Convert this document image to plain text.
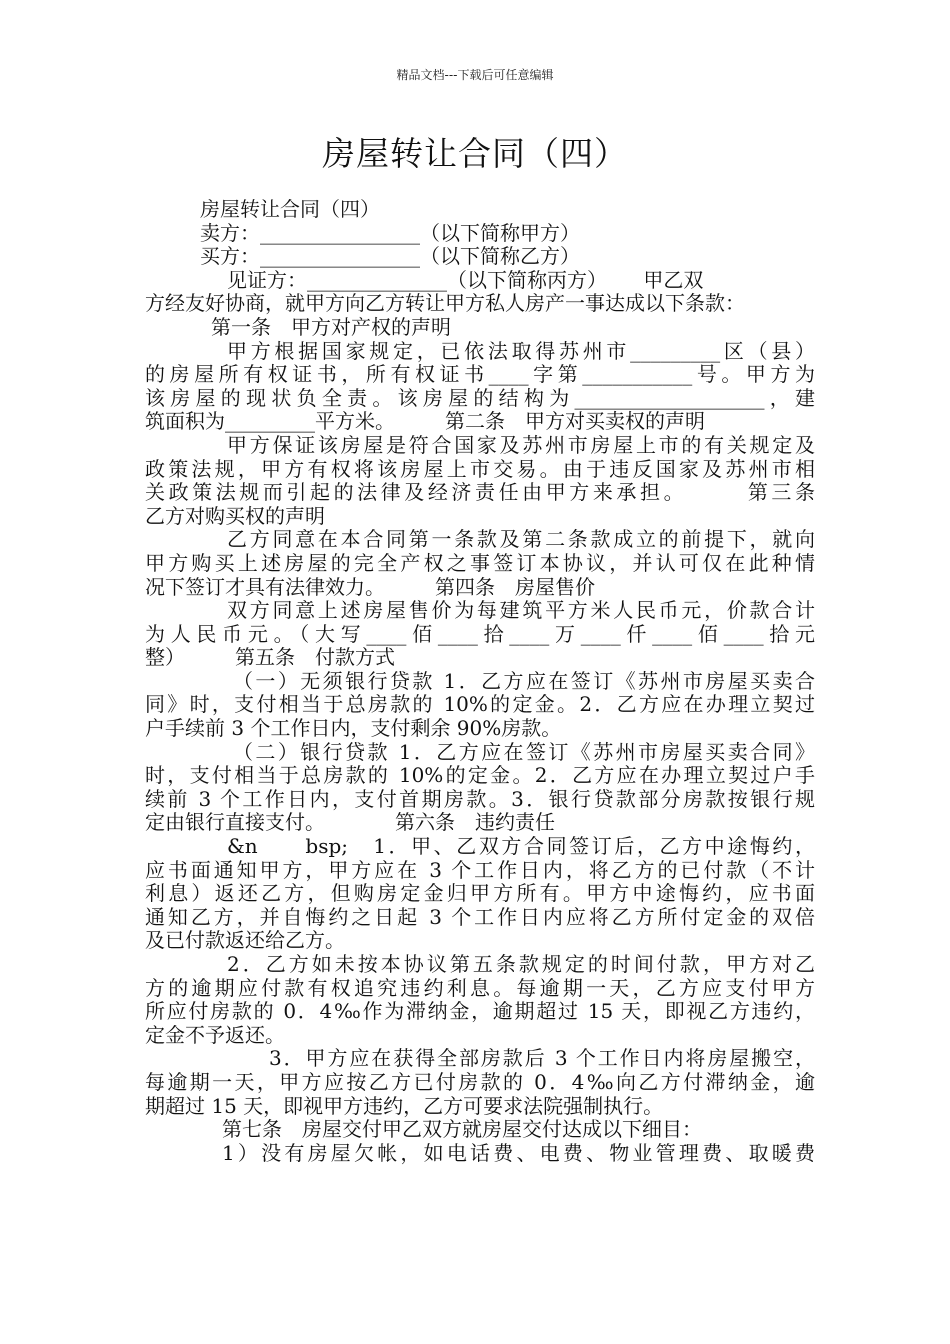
精品文档---下载后可任意编辑
房屋转让合同（四）
房屋转让合同（四）
卖方：________________（以下简称甲方）
买方：________________（以下简称乙方）
见证方：______________（以下简称丙方）　　 甲乙双
方经友好协商，就甲方向乙方转让甲方私人房产一事达成以下条款：
第一条　甲方对产权的声明
甲方根据国家规定，已依法取得苏州市_________区（县）
的房屋所有权证书，所有权证书____字第___________号。甲方为
该房屋的现状负全责。该房屋的结构为___________________，建
筑面积为_________平方米。　　　第二条　甲方对买卖权的声明
甲方保证该房屋是符合国家及苏州市房屋上市的有关规定及
政策法规，甲方有权将该房屋上市交易。由于违反国家及苏州市相
关政策法规而引起的法律及经济责任由甲方来承担。　　　第三条
乙方对购买权的声明
乙方同意在本合同第一条款及第二条款成立的前提下，就向
甲方购买上述房屋的完全产权之事签订本协议，并认可仅在此种情
况下签订才具有法律效力。　　　第四条　房屋售价
双方同意上述房屋售价为每建筑平方米人民币元，价款合计
为人民币元。（大写____佰____拾____万____仟____佰____拾元
整）　　　第五条　付款方式
（一）无须银行贷款 1．乙方应在签订《苏州市房屋买卖合
同》时，支付相当于总房款的 10%的定金。2．乙方应在办理立契过
户手续前 3 个工作日内，支付剩余 90%房款。
（二）银行贷款 1．乙方应在签订《苏州市房屋买卖合同》
时，支付相当于总房款的 10%的定金。2．乙方应在办理立契过户手
续前 3 个工作日内，支付首期房款。3．银行贷款部分房款按银行规
定由银行直接支付。　　　　第六条　违约责任
&n　　bsp;　1．甲、乙双方合同签订后，乙方中途悔约，
应书面通知甲方，甲方应在 3 个工作日内，将乙方的已付款（不计
利息）返还乙方，但购房定金归甲方所有。甲方中途悔约，应书面
通知乙方，并自悔约之日起 3 个工作日内应将乙方所付定金的双倍
及已付款返还给乙方。
2．乙方如未按本协议第五条款规定的时间付款，甲方对乙
方的逾期应付款有权追究违约利息。每逾期一天，乙方应支付甲方
所应付房款的 0．4‰作为滞纳金，逾期超过 15 天，即视乙方违约，
定金不予返还。
3．甲方应在获得全部房款后 3 个工作日内将房屋搬空，
每逾期一天，甲方应按乙方已付房款的 0．4‰向乙方付滞纳金，逾
期超过 15 天，即视甲方违约，乙方可要求法院强制执行。
第七条　房屋交付甲乙双方就房屋交付达成以下细目：
1）没有房屋欠帐，如电话费、电费、物业管理费、取暖费
